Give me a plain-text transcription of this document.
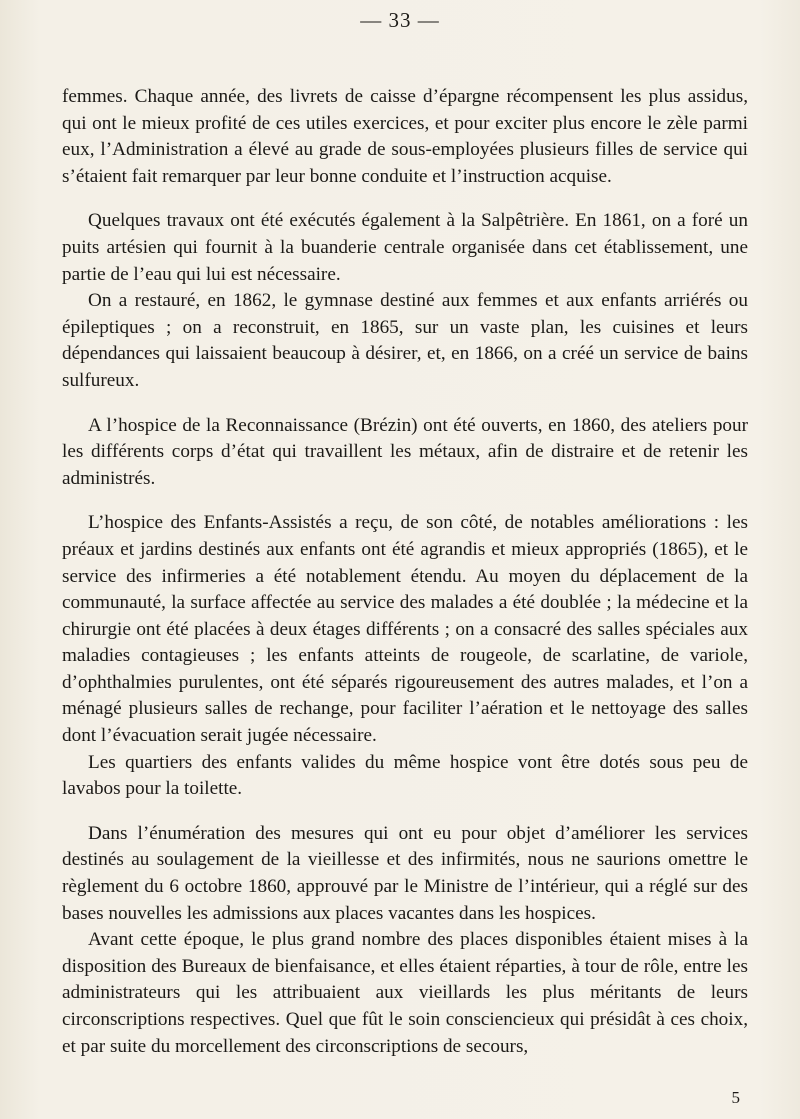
— 33 —

femmes. Chaque année, des livrets de caisse d’épargne récompensent les plus assidus, qui ont le mieux profité de ces utiles exercices, et pour exciter plus encore le zèle parmi eux, l’Administration a élevé au grade de sous-employées plusieurs filles de service qui s’étaient fait remarquer par leur bonne conduite et l’instruction acquise.

Quelques travaux ont été exécutés également à la Salpêtrière. En 1861, on a foré un puits artésien qui fournit à la buanderie centrale organisée dans cet établissement, une partie de l’eau qui lui est nécessaire.

On a restauré, en 1862, le gymnase destiné aux femmes et aux enfants arriérés ou épileptiques ; on a reconstruit, en 1865, sur un vaste plan, les cuisines et leurs dépendances qui laissaient beaucoup à désirer, et, en 1866, on a créé un service de bains sulfureux.

A l’hospice de la Reconnaissance (Brézin) ont été ouverts, en 1860, des ateliers pour les différents corps d’état qui travaillent les métaux, afin de distraire et de retenir les administrés.

L’hospice des Enfants-Assistés a reçu, de son côté, de notables améliorations : les préaux et jardins destinés aux enfants ont été agrandis et mieux appropriés (1865), et le service des infirmeries a été notablement étendu. Au moyen du déplacement de la communauté, la surface affectée au service des malades a été doublée ; la médecine et la chirurgie ont été placées à deux étages différents ; on a consacré des salles spéciales aux maladies contagieuses ; les enfants atteints de rougeole, de scarlatine, de variole, d’ophthalmies purulentes, ont été séparés rigoureusement des autres malades, et l’on a ménagé plusieurs salles de rechange, pour faciliter l’aération et le nettoyage des salles dont l’évacuation serait jugée nécessaire.

Les quartiers des enfants valides du même hospice vont être dotés sous peu de lavabos pour la toilette.

Dans l’énumération des mesures qui ont eu pour objet d’améliorer les services destinés au soulagement de la vieillesse et des infirmités, nous ne saurions omettre le règlement du 6 octobre 1860, approuvé par le Ministre de l’intérieur, qui a réglé sur des bases nouvelles les admissions aux places vacantes dans les hospices.

Avant cette époque, le plus grand nombre des places disponibles étaient mises à la disposition des Bureaux de bienfaisance, et elles étaient réparties, à tour de rôle, entre les administrateurs qui les attribuaient aux vieillards les plus méritants de leurs circonscriptions respectives. Quel que fût le soin consciencieux qui présidât à ces choix, et par suite du morcellement des circonscriptions de secours,

5
